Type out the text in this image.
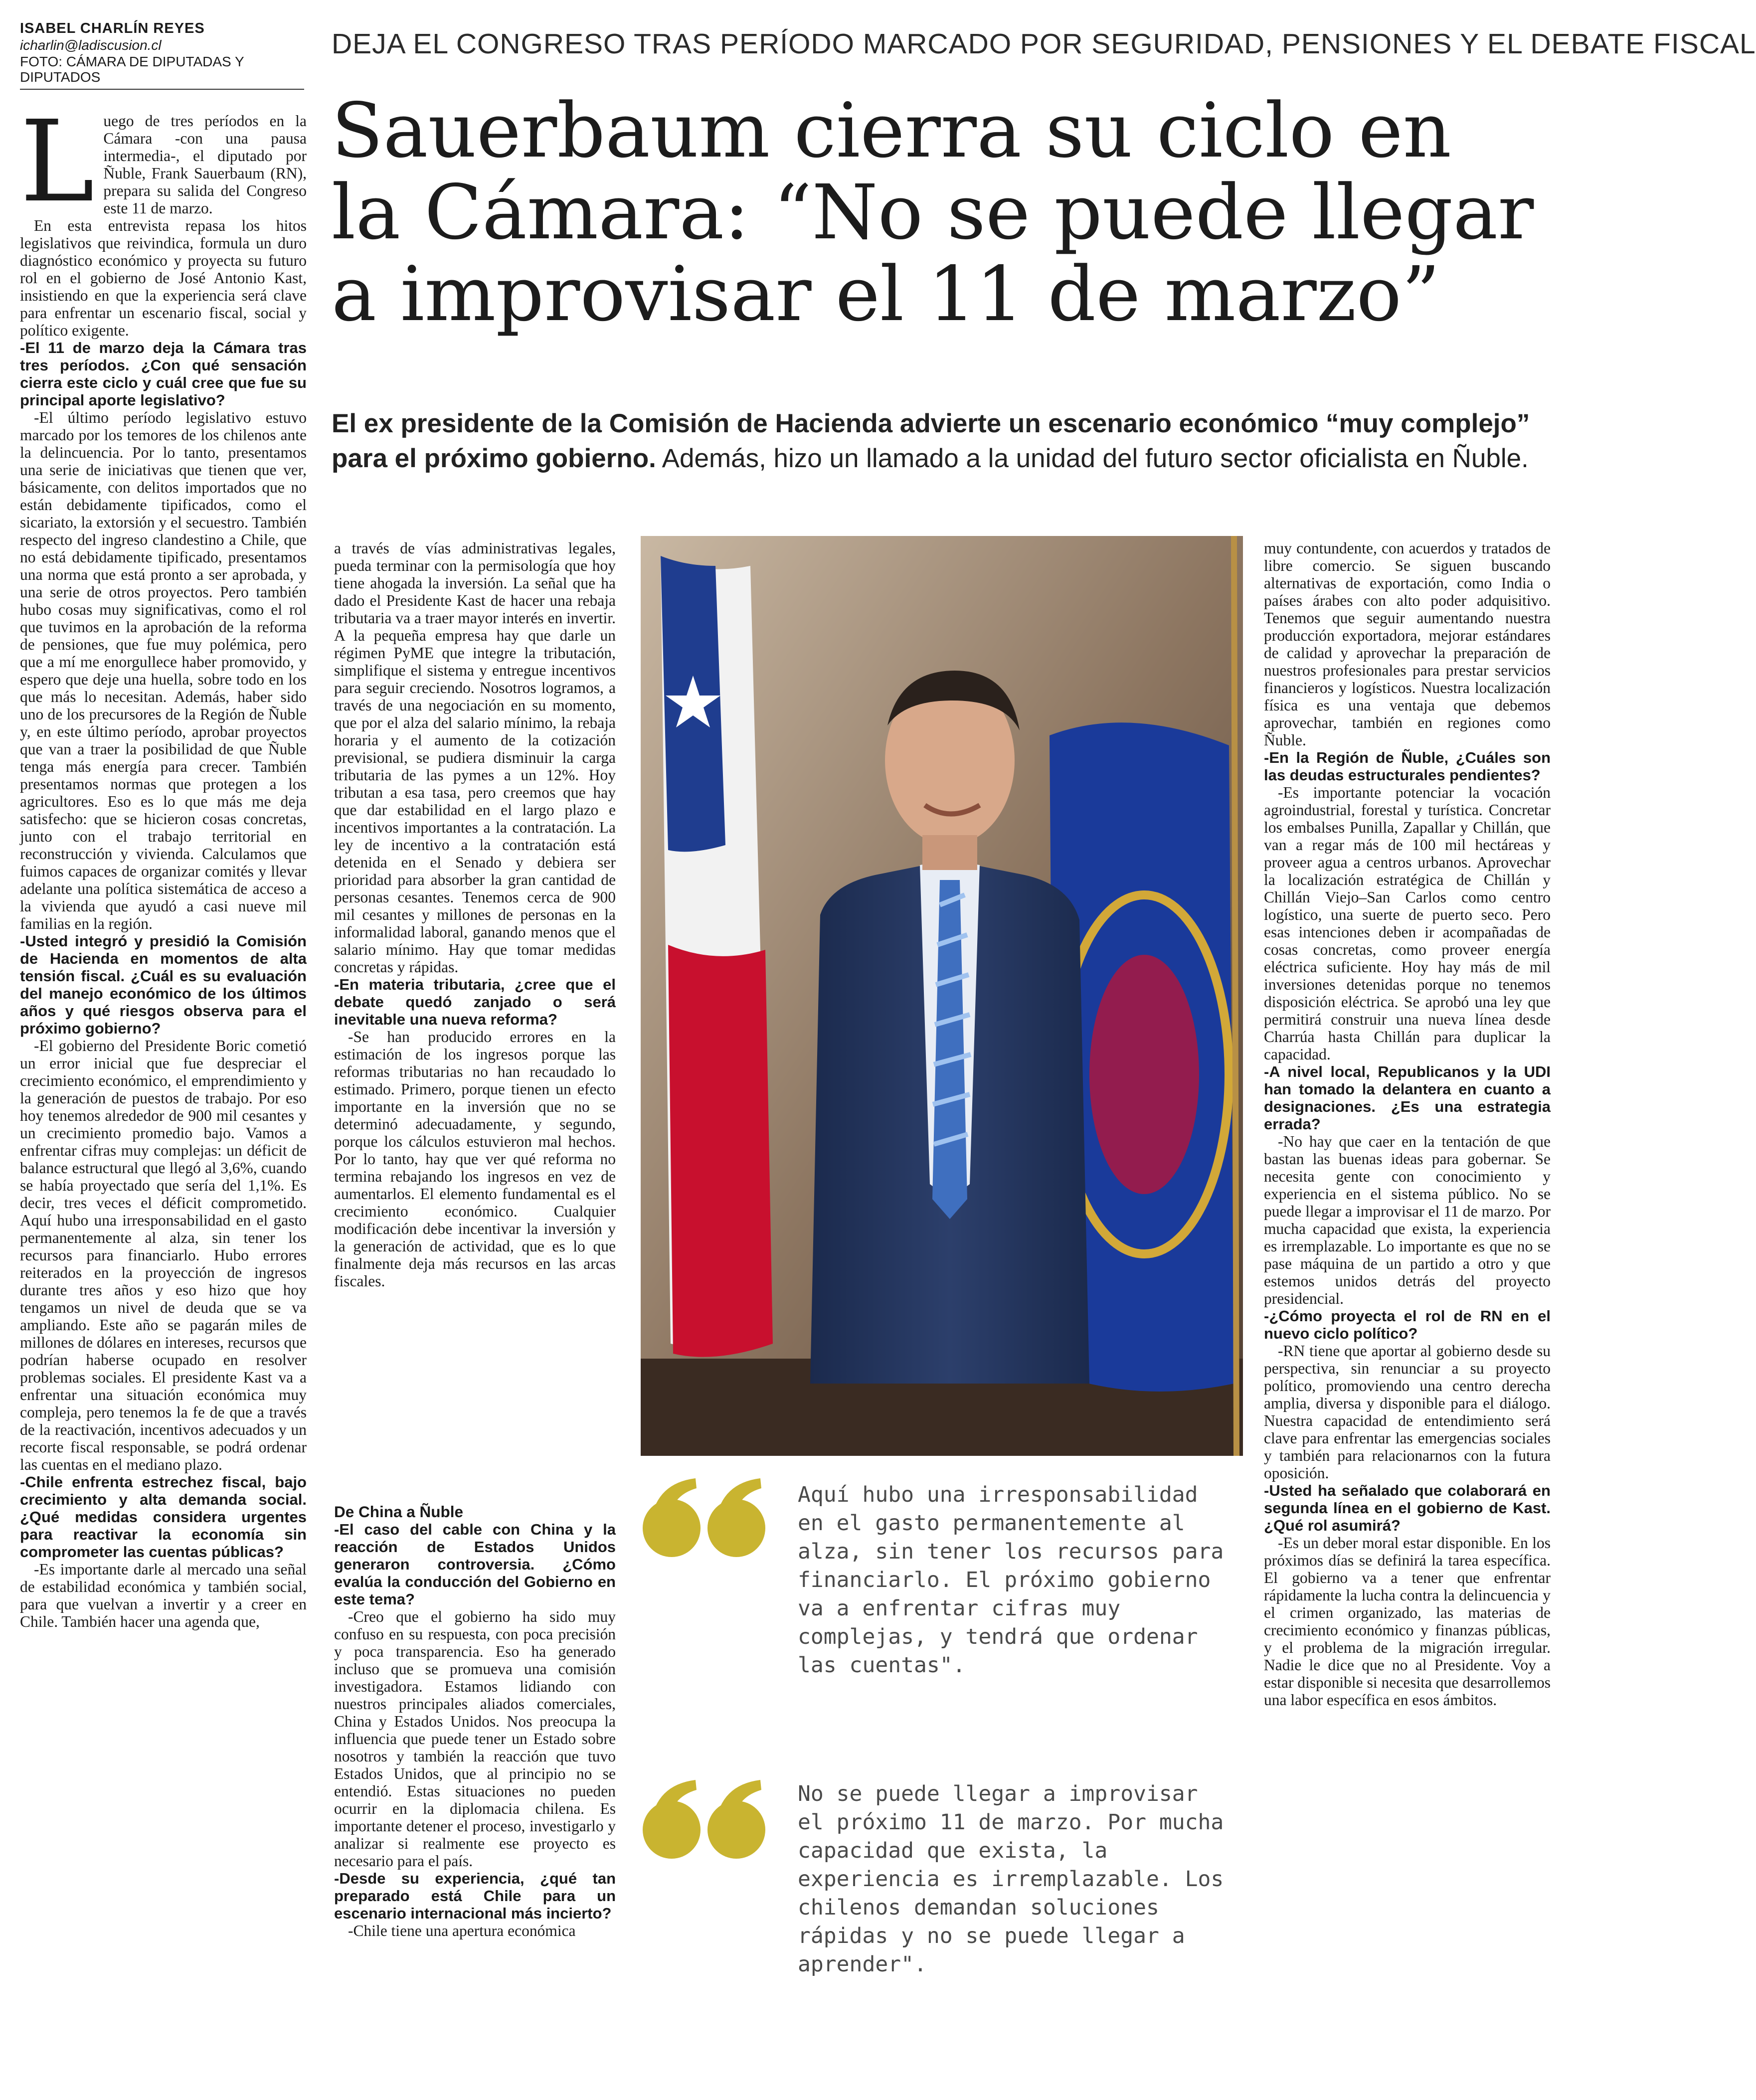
ISABEL CHARLÍN REYES
icharlin@ladiscusion.cl
FOTO: CÁMARA DE DIPUTADAS Y DIPUTADOS
DEJA EL CONGRESO TRAS PERÍODO MARCADO POR SEGURIDAD, PENSIONES Y EL DEBATE FISCAL
Sauerbaum cierra su ciclo en
la Cámara: “No se puede llegar
a improvisar el 11 de marzo”
El ex presidente de la Comisión de Hacienda advierte un escenario económico “muy complejo” para el próximo gobierno. Además, hizo un llamado a la unidad del futuro sector oficialista en Ñuble.
L uego de tres períodos en la Cámara -con una pausa intermedia-, el diputado por Ñuble, Frank Sauerbaum (RN), prepara su salida del Congreso este 11 de marzo.

En esta entrevista repasa los hitos legislativos que reivindica, formula un duro diagnóstico económico y proyecta su futuro rol en el gobierno de José Antonio Kast, insistiendo en que la experiencia será clave para enfrentar un escenario fiscal, social y político exigente.

-El 11 de marzo deja la Cámara tras tres períodos. ¿Con qué sensación cierra este ciclo y cuál cree que fue su principal aporte legislativo?

-El último período legislativo estuvo marcado por los temores de los chilenos ante la delincuencia. Por lo tanto, presentamos una serie de iniciativas que tienen que ver, básicamente, con delitos importados que no están debidamente tipificados, como el sicariato, la extorsión y el secuestro. También respecto del ingreso clandestino a Chile, que no está debidamente tipificado, presentamos una norma que está pronto a ser aprobada, y una serie de otros proyectos. Pero también hubo cosas muy significativas, como el rol que tuvimos en la aprobación de la reforma de pensiones, que fue muy polémica, pero que a mí me enorgullece haber promovido, y espero que deje una huella, sobre todo en los que más lo necesitan. Además, haber sido uno de los precursores de la Región de Ñuble y, en este último período, aprobar proyectos que van a traer la posibilidad de que Ñuble tenga más energía para crecer. También presentamos normas que protegen a los agricultores. Eso es lo que más me deja satisfecho: que se hicieron cosas concretas, junto con el trabajo territorial en reconstrucción y vivienda. Calculamos que fuimos capaces de organizar comités y llevar adelante una política sistemática de acceso a la vivienda que ayudó a casi nueve mil familias en la región.

-Usted integró y presidió la Comisión de Hacienda en momentos de alta tensión fiscal. ¿Cuál es su evaluación del manejo económico de los últimos años y qué riesgos observa para el próximo gobierno?

-El gobierno del Presidente Boric cometió un error inicial que fue despreciar el crecimiento económico, el emprendimiento y la generación de puestos de trabajo. Por eso hoy tenemos alrededor de 900 mil cesantes y un crecimiento promedio bajo. Vamos a enfrentar cifras muy complejas: un déficit de balance estructural que llegó al 3,6%, cuando se había proyectado que sería del 1,1%. Es decir, tres veces el déficit comprometido. Aquí hubo una irresponsabilidad en el gasto permanentemente al alza, sin tener los recursos para financiarlo. Hubo errores reiterados en la proyección de ingresos durante tres años y eso hizo que hoy tengamos un nivel de deuda que se va ampliando. Este año se pagarán miles de millones de dólares en intereses, recursos que podrían haberse ocupado en resolver problemas sociales. El presidente Kast va a enfrentar una situación económica muy compleja, pero tenemos la fe de que a través de la reactivación, incentivos adecuados y un recorte fiscal responsable, se podrá ordenar las cuentas en el mediano plazo.

-Chile enfrenta estrechez fiscal, bajo crecimiento y alta demanda social. ¿Qué medidas considera urgentes para reactivar la economía sin comprometer las cuentas públicas?

-Es importante darle al mercado una señal de estabilidad económica y también social, para que vuelvan a invertir y a creer en Chile. También hacer una agenda que,

a través de vías administrativas legales, pueda terminar con la permisología que hoy tiene ahogada la inversión. La señal que ha dado el Presidente Kast de hacer una rebaja tributaria va a traer mayor interés en invertir. A la pequeña empresa hay que darle un régimen PyME que integre la tributación, simplifique el sistema y entregue incentivos para seguir creciendo. Nosotros logramos, a través de una negociación en su momento, que por el alza del salario mínimo, la rebaja horaria y el aumento de la cotización previsional, se pudiera disminuir la carga tributaria de las pymes a un 12%. Hoy tributan a esa tasa, pero creemos que hay que dar estabilidad en el largo plazo e incentivos importantes a la contratación. La ley de incentivo a la contratación está detenida en el Senado y debiera ser prioridad para absorber la gran cantidad de personas cesantes. Tenemos cerca de 900 mil cesantes y millones de personas en la informalidad laboral, ganando menos que el salario mínimo. Hay que tomar medidas concretas y rápidas.

-En materia tributaria, ¿cree que el debate quedó zanjado o será inevitable una nueva reforma?

-Se han producido errores en la estimación de los ingresos porque las reformas tributarias no han recaudado lo estimado. Primero, porque tienen un efecto importante en la inversión que no se determinó adecuadamente, y segundo, porque los cálculos estuvieron mal hechos. Por lo tanto, hay que ver qué reforma no termina rebajando los ingresos en vez de aumentarlos. El elemento fundamental es el crecimiento económico. Cualquier modificación debe incentivar la inversión y la generación de actividad, que es lo que finalmente deja más recursos en las arcas fiscales.

De China a Ñuble

-El caso del cable con China y la reacción de Estados Unidos generaron controversia. ¿Cómo evalúa la conducción del Gobierno en este tema?

-Creo que el gobierno ha sido muy confuso en su respuesta, con poca precisión y poca transparencia. Eso ha generado incluso que se promueva una comisión investigadora. Estamos lidiando con nuestros principales aliados comerciales, China y Estados Unidos. Nos preocupa la influencia que puede tener un Estado sobre nosotros y también la reacción que tuvo Estados Unidos, que al principio no se entendió. Estas situaciones no pueden ocurrir en la diplomacia chilena. Es importante detener el proceso, investigarlo y analizar si realmente ese proyecto es necesario para el país.

-Desde su experiencia, ¿qué tan preparado está Chile para un escenario internacional más incierto?

-Chile tiene una apertura económica

muy contundente, con acuerdos y tratados de libre comercio. Se siguen buscando alternativas de exportación, como India o países árabes con alto poder adquisitivo. Tenemos que seguir aumentando nuestra producción exportadora, mejorar estándares de calidad y aprovechar la preparación de nuestros profesionales para prestar servicios financieros y logísticos. Nuestra localización física es una ventaja que debemos aprovechar, también en regiones como Ñuble.

-En la Región de Ñuble, ¿Cuáles son las deudas estructurales pendientes?

-Es importante potenciar la vocación agroindustrial, forestal y turística. Concretar los embalses Punilla, Zapallar y Chillán, que van a regar más de 100 mil hectáreas y proveer agua a centros urbanos. Aprovechar la localización estratégica de Chillán y Chillán Viejo–San Carlos como centro logístico, una suerte de puerto seco. Pero esas intenciones deben ir acompañadas de cosas concretas, como proveer energía eléctrica suficiente. Hoy hay más de mil inversiones detenidas porque no tenemos disposición eléctrica. Se aprobó una ley que permitirá construir una nueva línea desde Charrúa hasta Chillán para duplicar la capacidad.

-A nivel local, Republicanos y la UDI han tomado la delantera en cuanto a designaciones. ¿Es una estrategia errada?

-No hay que caer en la tentación de que bastan las buenas ideas para gobernar. Se necesita gente con conocimiento y experiencia en el sistema público. No se puede llegar a improvisar el 11 de marzo. Por mucha capacidad que exista, la experiencia es irremplazable. Lo importante es que no se pase máquina de un partido a otro y que estemos unidos detrás del proyecto presidencial.

-¿Cómo proyecta el rol de RN en el nuevo ciclo político?

-RN tiene que aportar al gobierno desde su perspectiva, sin renunciar a su proyecto político, promoviendo una centro derecha amplia, diversa y disponible para el diálogo. Nuestra capacidad de entendimiento será clave para enfrentar las emergencias sociales y también para relacionarnos con la futura oposición.

-Usted ha señalado que colaborará en segunda línea en el gobierno de Kast. ¿Qué rol asumirá?

-Es un deber moral estar disponible. En los próximos días se definirá la tarea específica. El gobierno va a tener que enfrentar rápidamente la lucha contra la delincuencia y el crimen organizado, las materias de crecimiento económico y finanzas públicas, y el problema de la migración irregular. Nadie le dice que no al Presidente. Voy a estar disponible si necesita que desarrollemos una labor específica en esos ámbitos.

Aquí hubo una irresponsabilidad en el gasto permanentemente al alza, sin tener los recursos para financiarlo. El próximo gobierno va a enfrentar cifras muy complejas, y tendrá que ordenar las cuentas".
No se puede llegar a improvisar el próximo 11 de marzo. Por mucha capacidad que exista, la experiencia es irremplazable. Los chilenos demandan soluciones rápidas y no se puede llegar a aprender".
